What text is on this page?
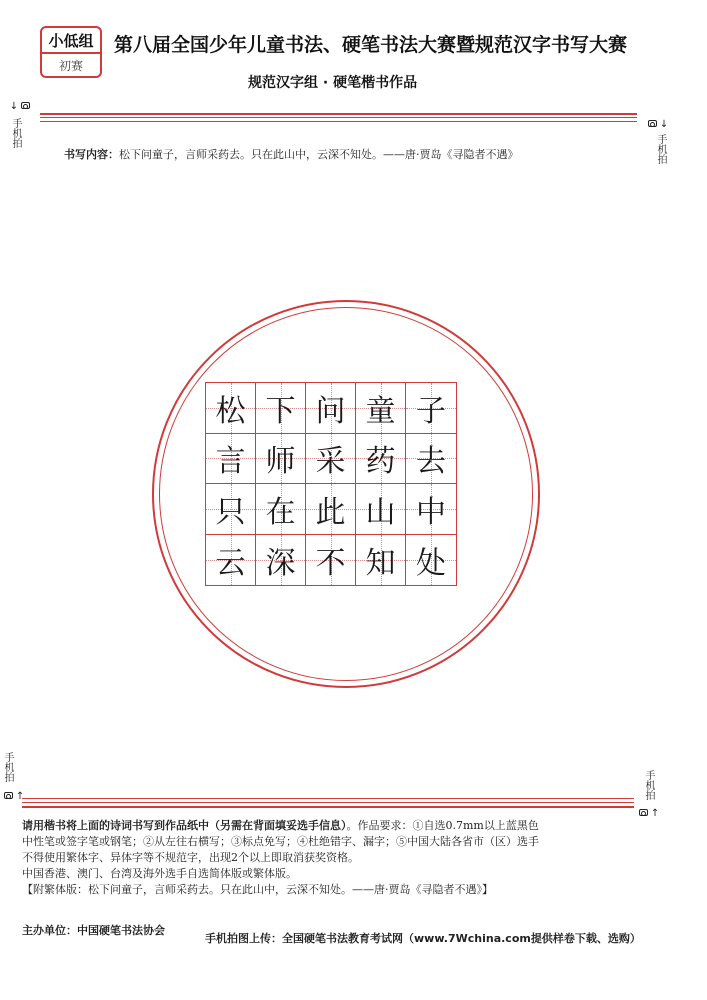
小低组
初赛
第八届全国少年儿童书法、硬笔书法大赛暨规范汉字书写大赛
规范汉字组 · 硬笔楷书作品
↓
手机拍	↓
手机拍
书写内容：松下问童子，言师采药去。只在此山中，云深不知处。——唐·贾岛《寻隐者不遇》
松 下 问 童 子
言 师 采 药 去
只 在 此 山 中
云 深 不 知 处
手机拍
↑	手机拍
↑
请用楷书将上面的诗词书写到作品纸中（另需在背面填妥选手信息）。作品要求：①自选0.7mm以上蓝黑色
中性笔或签字笔或钢笔；②从左往右横写；③标点免写；④杜绝错字、漏字；⑤中国大陆各省市（区）选手
不得使用繁体字、异体字等不规范字，出现2个以上即取消获奖资格。
中国香港、澳门、台湾及海外选手自选简体版或繁体版。
【附繁体版：松下问童子，言师采药去。只在此山中，云深不知处。——唐·贾岛《寻隐者不遇》】
主办单位：中国硬笔书法协会
手机拍图上传：全国硬笔书法教育考试网（www.7Wchina.com提供样卷下载、选购）
